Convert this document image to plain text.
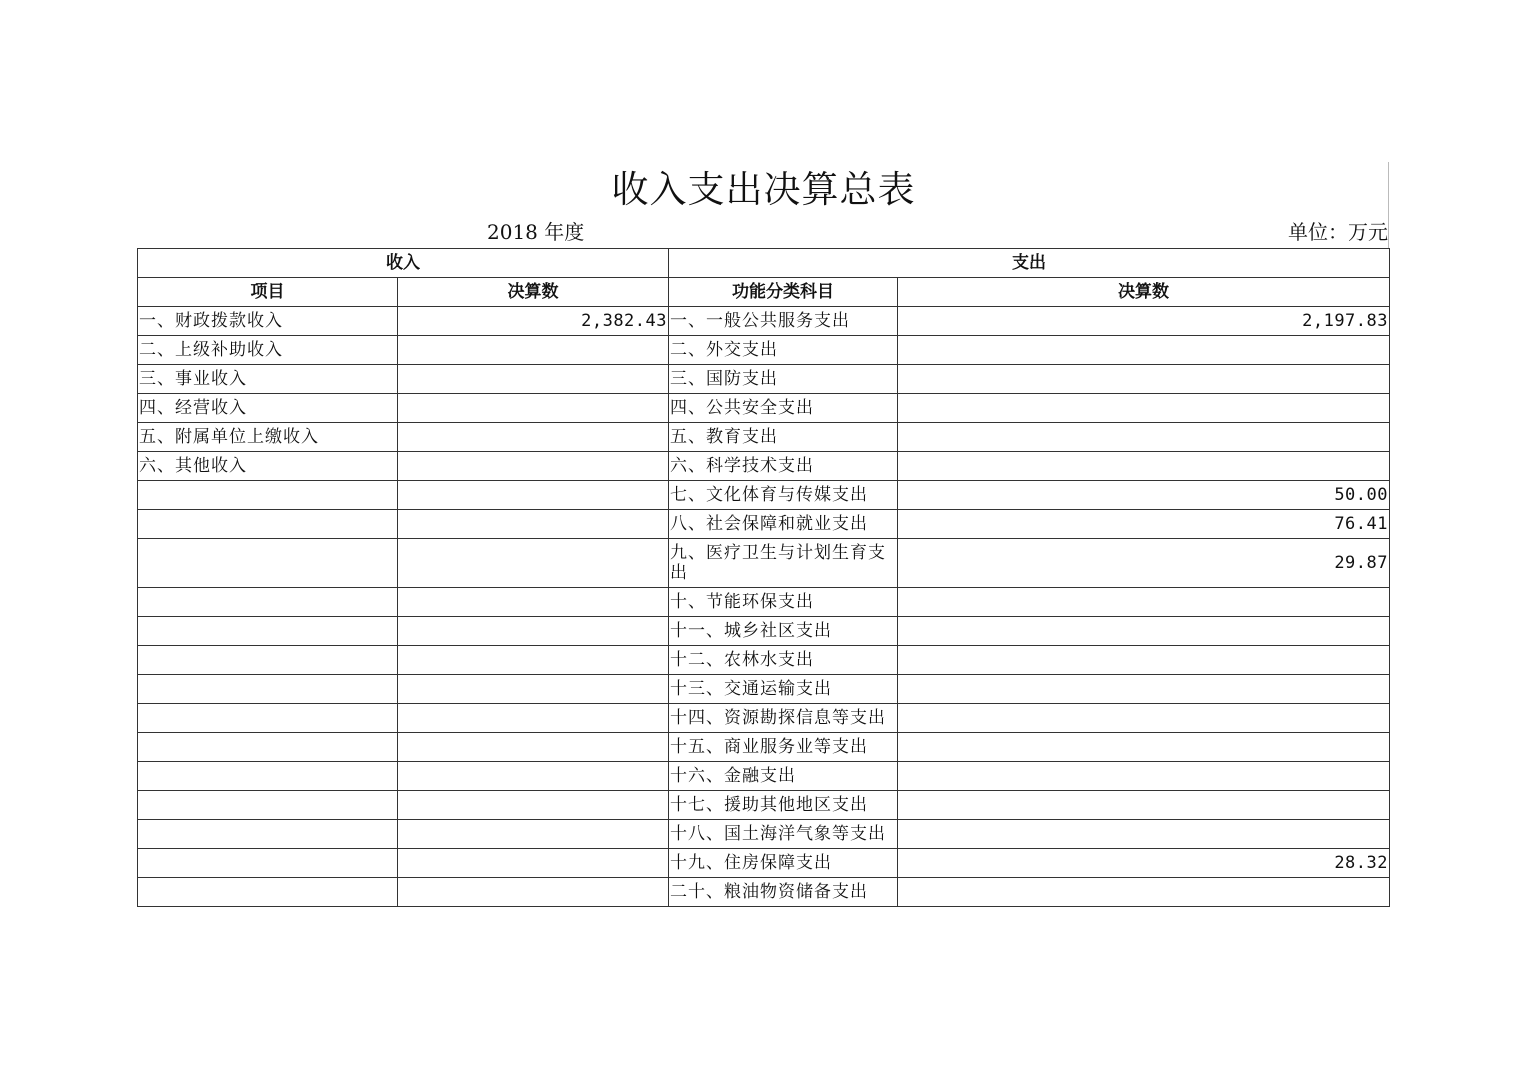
收入支出决算总表
2018 年度	单位：万元
收入		支出	
项目	决算数	功能分类科目	决算数
一、财政拨款收入	2,382.43	一、一般公共服务支出	2,197.83
二、上级补助收入		二、外交支出	
三、事业收入		三、国防支出	
四、经营收入		四、公共安全支出	
五、附属单位上缴收入		五、教育支出	
六、其他收入		六、科学技术支出	
		七、文化体育与传媒支出	50.00
		八、社会保障和就业支出	76.41
		九、医疗卫生与计划生育支出	29.87
		十、节能环保支出	
		十一、城乡社区支出	
		十二、农林水支出	
		十三、交通运输支出	
		十四、资源勘探信息等支出	
		十五、商业服务业等支出	
		十六、金融支出	
		十七、援助其他地区支出	
		十八、国土海洋气象等支出	
		十九、住房保障支出	28.32
		二十、粮油物资储备支出	
